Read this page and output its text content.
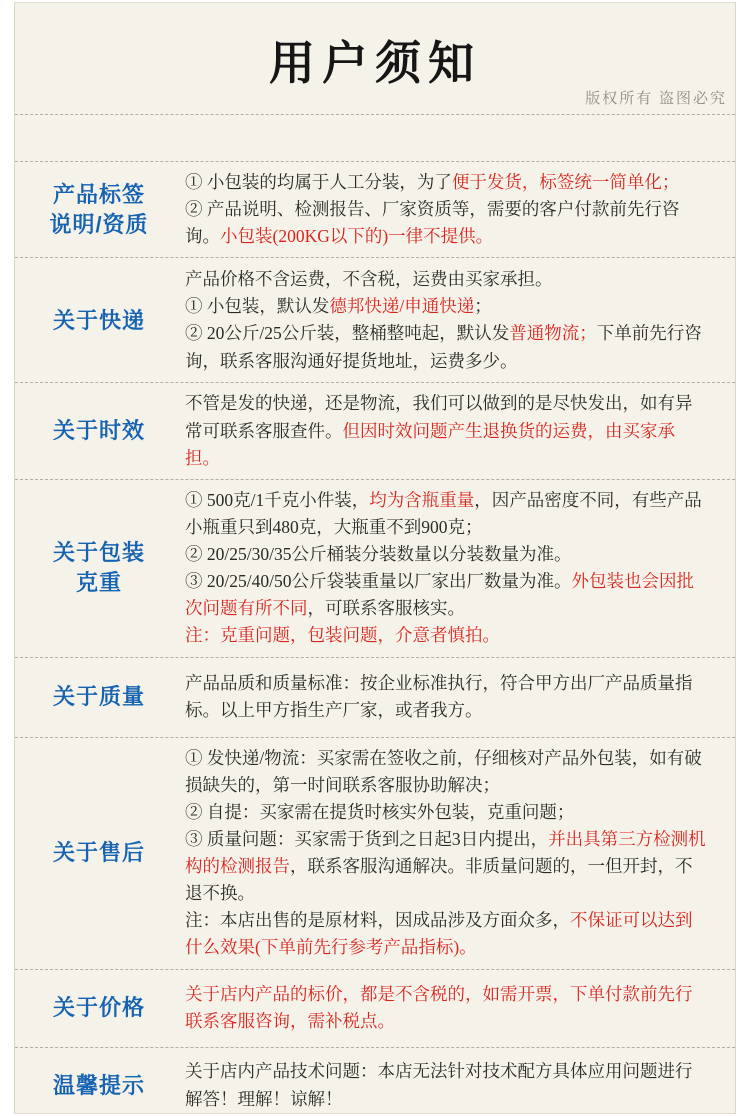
用户须知
版权所有 盗图必究
产品标签
说明/资质

① 小包装的均属于人工分装，为了便于发货，标签统一简单化；

② 产品说明、检测报告、厂家资质等，需要的客户付款前先行咨询。小包装(200KG以下的)一律不提供。

关于快递

产品价格不含运费，不含税，运费由买家承担。

① 小包装，默认发德邦快递/申通快递；

② 20公斤/25公斤装，整桶整吨起，默认发普通物流；下单前先行咨询，联系客服沟通好提货地址，运费多少。

关于时效

不管是发的快递，还是物流，我们可以做到的是尽快发出，如有异常可联系客服查件。但因时效问题产生退换货的运费，由买家承担。

关于包装
克重

① 500克/1千克小件装，均为含瓶重量，因产品密度不同，有些产品小瓶重只到480克，大瓶重不到900克；

② 20/25/30/35公斤桶装分装数量以分装数量为准。

③ 20/25/40/50公斤袋装重量以厂家出厂数量为准。外包装也会因批次问题有所不同，可联系客服核实。

注：克重问题，包装问题，介意者慎拍。

关于质量

产品品质和质量标准：按企业标准执行，符合甲方出厂产品质量指标。以上甲方指生产厂家，或者我方。

关于售后

① 发快递/物流：买家需在签收之前，仔细核对产品外包装，如有破损缺失的，第一时间联系客服协助解决；

② 自提：买家需在提货时核实外包装，克重问题；

③ 质量问题：买家需于货到之日起3日内提出，并出具第三方检测机构的检测报告，联系客服沟通解决。非质量问题的，一但开封，不退不换。

注：本店出售的是原材料，因成品涉及方面众多，不保证可以达到什么效果(下单前先行参考产品指标)。

关于价格

关于店内产品的标价，都是不含税的，如需开票，下单付款前先行联系客服咨询，需补税点。

温馨提示

关于店内产品技术问题：本店无法针对技术配方具体应用问题进行解答！理解！谅解！
